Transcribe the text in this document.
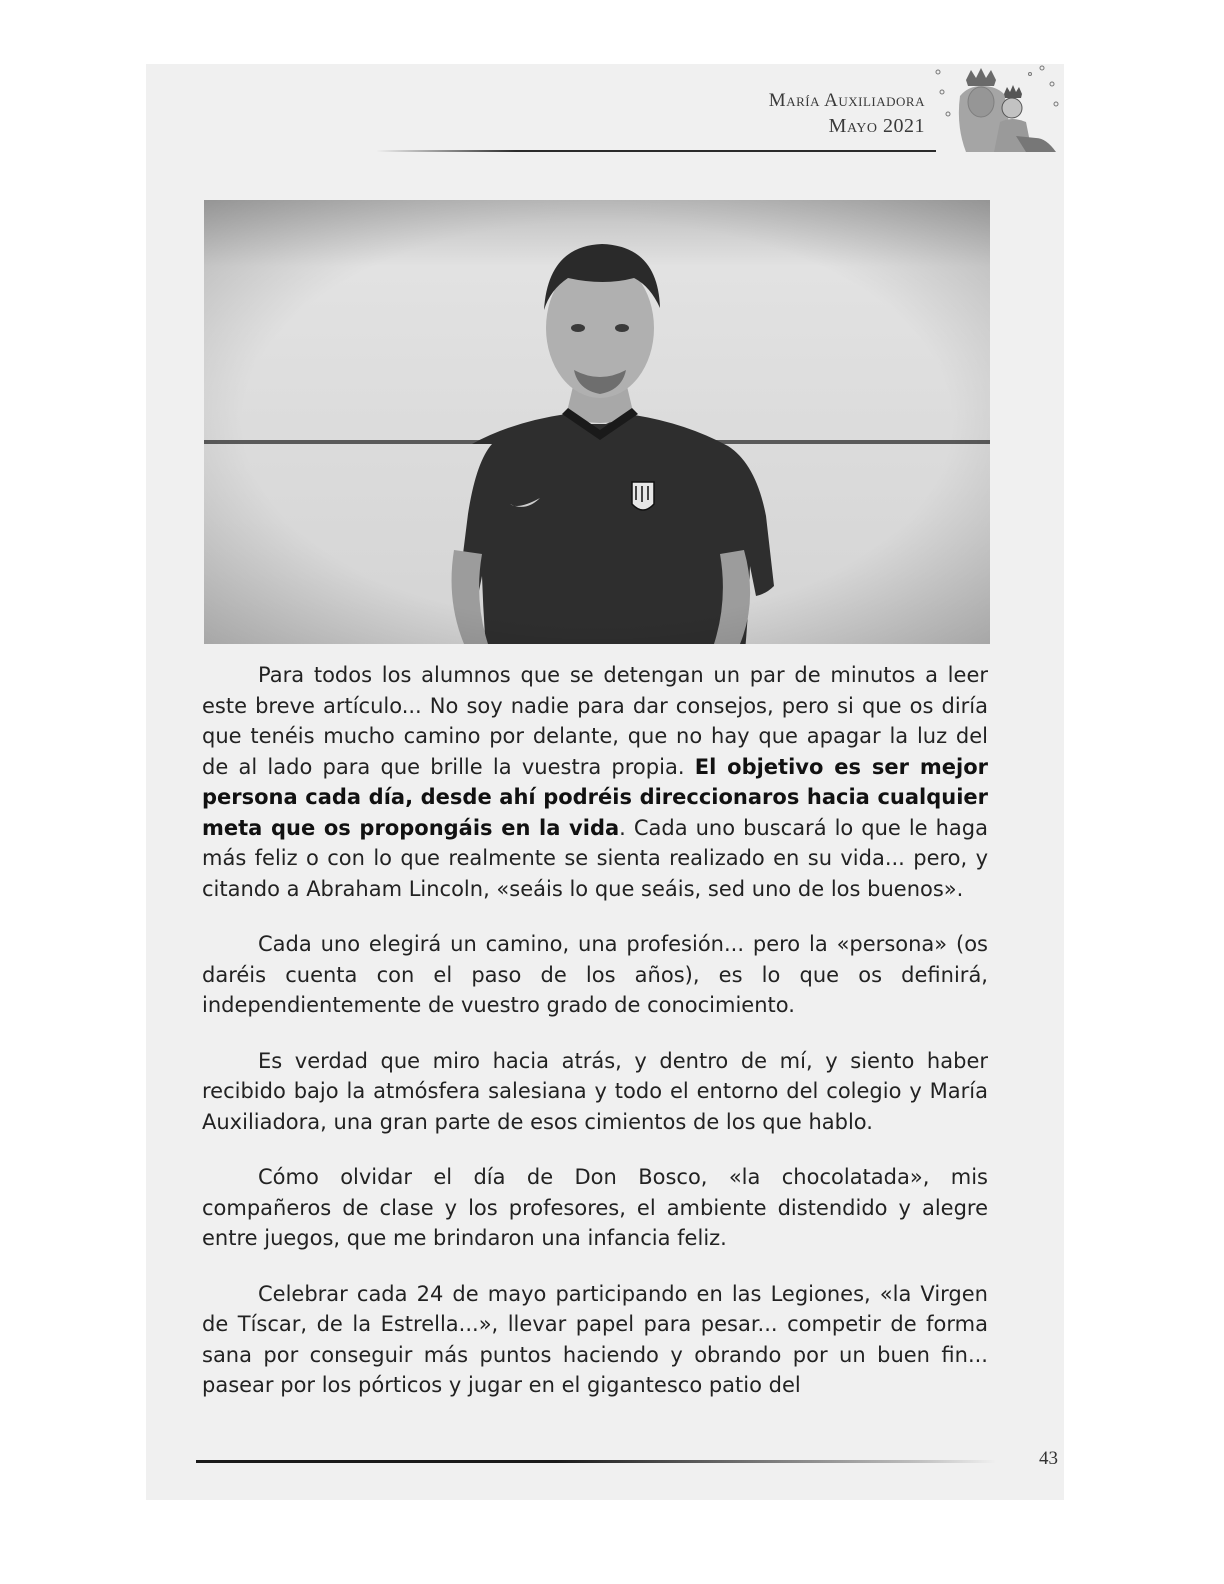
María Auxiliadora
Mayo 2021

Para todos los alumnos que se detengan un par de minutos a leer este breve artículo... No soy nadie para dar consejos, pero si que os diría que tenéis mucho camino por delante, que no hay que apagar la luz del de al lado para que brille la vuestra propia. El objetivo es ser mejor persona cada día, desde ahí podréis direccionaros hacia cualquier meta que os propongáis en la vida. Cada uno buscará lo que le haga más feliz o con lo que realmente se sienta realizado en su vida... pero, y citando a Abraham Lincoln, «seáis lo que seáis, sed uno de los buenos».

Cada uno elegirá un camino, una profesión... pero la «persona» (os daréis cuenta con el paso de los años), es lo que os definirá, independientemente de vuestro grado de conocimiento.

Es verdad que miro hacia atrás, y dentro de mí, y siento haber recibido bajo la atmósfera salesiana y todo el entorno del colegio y María Auxiliadora, una gran parte de esos cimientos de los que hablo.

Cómo olvidar el día de Don Bosco, «la chocolatada», mis compañeros de clase y los profesores, el ambiente distendido y alegre entre juegos, que me brindaron una infancia feliz.

Celebrar cada 24 de mayo participando en las Legiones, «la Virgen de Tíscar, de la Estrella...», llevar papel para pesar... competir de forma sana por conseguir más puntos haciendo y obrando por un buen fin... pasear por los pórticos y jugar en el gigantesco patio del

43
